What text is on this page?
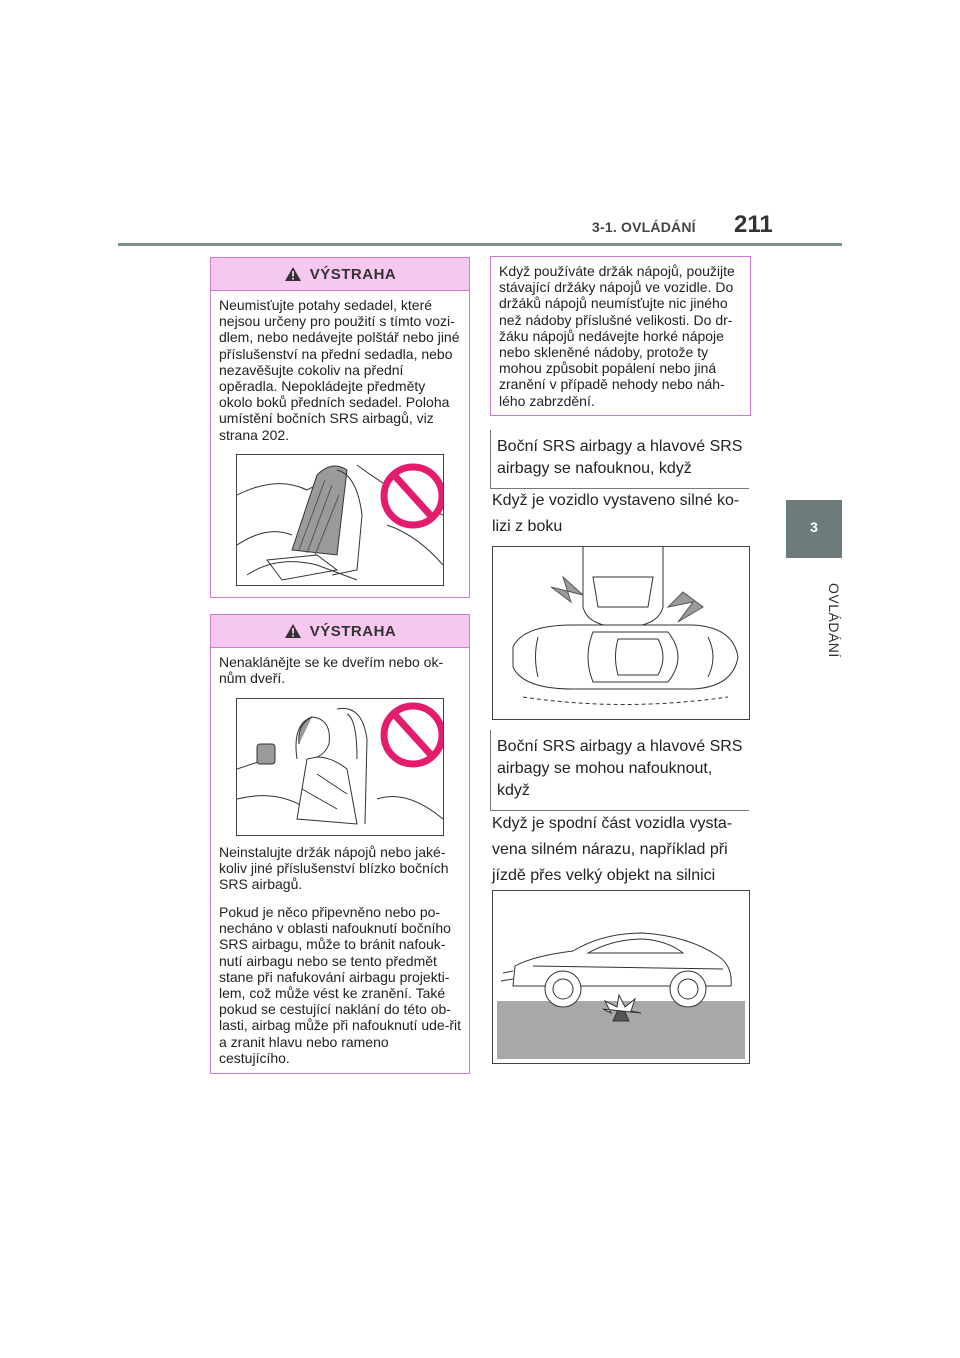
3-1. OVLÁDÁNÍ 211
3
OVLÁDÁNÍ
VÝSTRAHA
Neumisťujte potahy sedadel, které nejsou určeny pro použití s tímto vozi-dlem, nebo nedávejte polštář nebo jiné příslušenství na přední sedadla, nebo nezavěšujte cokoliv na přední opěradla. Nepokládejte předměty okolo boků předních sedadel. Poloha umístění bočních SRS airbagů, viz strana 202.
VÝSTRAHA
Nenaklánějte se ke dveřím nebo ok-nům dveří.
Neinstalujte držák nápojů nebo jaké-koliv jiné příslušenství blízko bočních SRS airbagů.
Pokud je něco připevněno nebo po-necháno v oblasti nafouknutí bočního SRS airbagu, může to bránit nafouk-nutí airbagu nebo se tento předmět stane při nafukování airbagu projekti-lem, což může vést ke zranění. Také pokud se cestující naklání do této ob-lasti, airbag může při nafouknutí ude-řit a zranit hlavu nebo rameno cestujícího.
Když používáte držák nápojů, použijte stávající držáky nápojů ve vozidle. Do držáků nápojů neumísťujte nic jiného než nádoby příslušné velikosti. Do dr-žáku nápojů nedávejte horké nápoje nebo skleněné nádoby, protože ty mohou způsobit popálení nebo jiná zranění v případě nehody nebo náh-lého zabrzdění.
Boční SRS airbagy a hlavové SRS airbagy se nafouknou, když
Když je vozidlo vystaveno silné ko-lizi z boku
Boční SRS airbagy a hlavové SRS airbagy se mohou nafouknout, když
Když je spodní část vozidla vysta-vena silném nárazu, například při jízdě přes velký objekt na silnici
